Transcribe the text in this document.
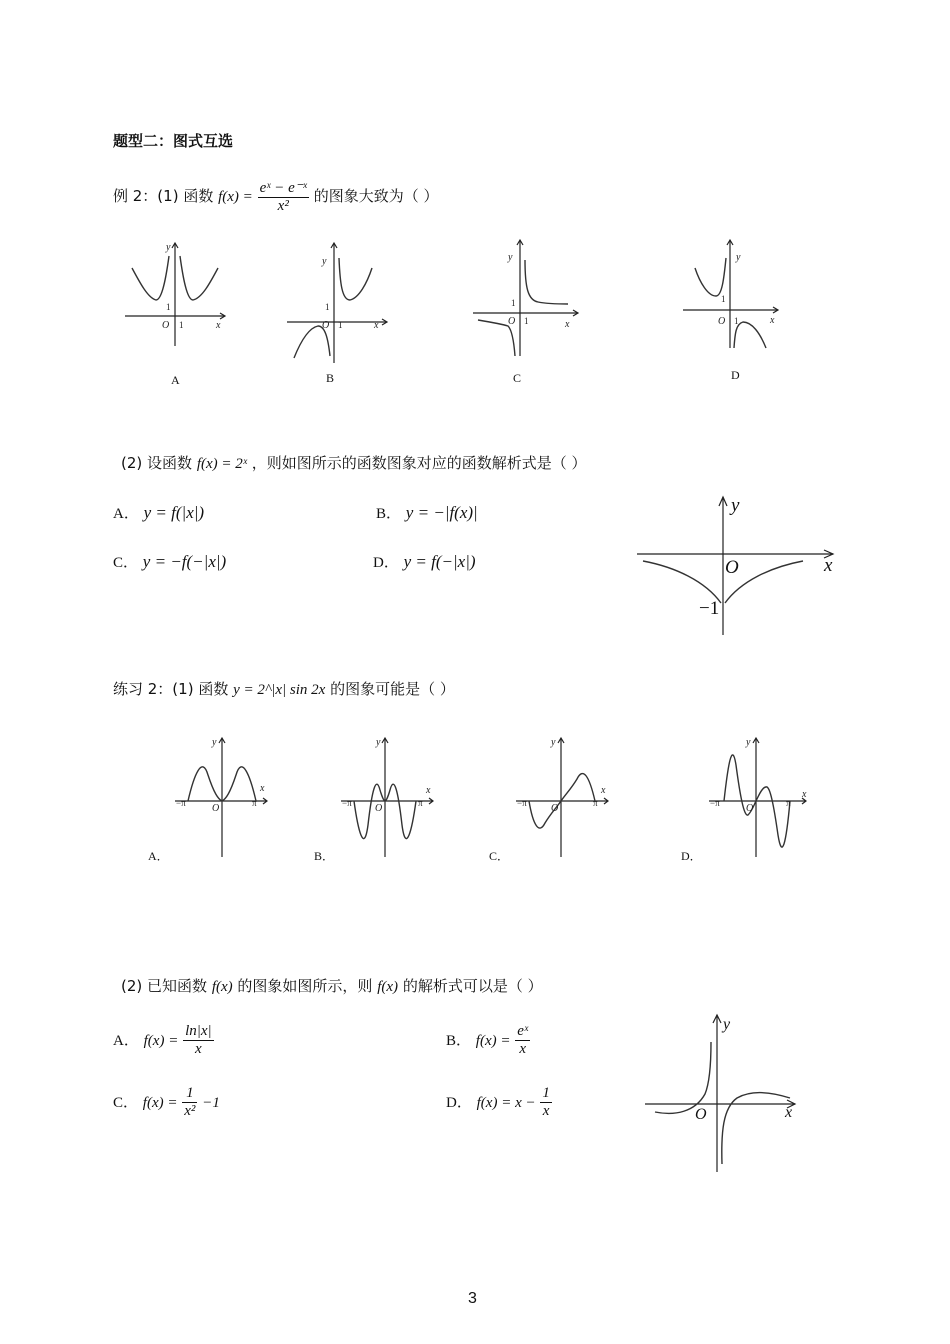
题型二：图式互选
例 2：(1) 函数 $f(x) = \frac{\text{eˣ − e⁻ˣ}}{\text{x²}}$ 的图象大致为（ ）
y
1
O 1	x
A
y
1
O 1	x
B
y
1
O 1	x
C
y
1
O 1	x
D
(2) 设函数 f(x) = 2ˣ ，则如图所示的函数图象对应的函数解析式是（ ）
A． y = f(|x|)	B． y = −|f(x)|
C． y = −f(−|x|)	D． y = f(−|x|)
y
x
O
−1
练习 2：(1) 函数 y = 2^|x| sin 2x 的图象可能是（ ）
y
−π	O	π
x
A．
y
−π O	π
x
B．
y
−π O	π
x
C．
y
−π	O	π
x
D．
(2) 已知函数 f(x) 的图象如图所示，则 f(x) 的解析式可以是（ ）
A． $f(x) = \frac{\ln|x|}{x}$	B． $f(x) = \frac{\text{eˣ}}{x}$
C． $f(x) = \frac{1}{\text{x²}} -1$	D． $f(x) = x - \frac{1}{x}$
y
x
O
3
